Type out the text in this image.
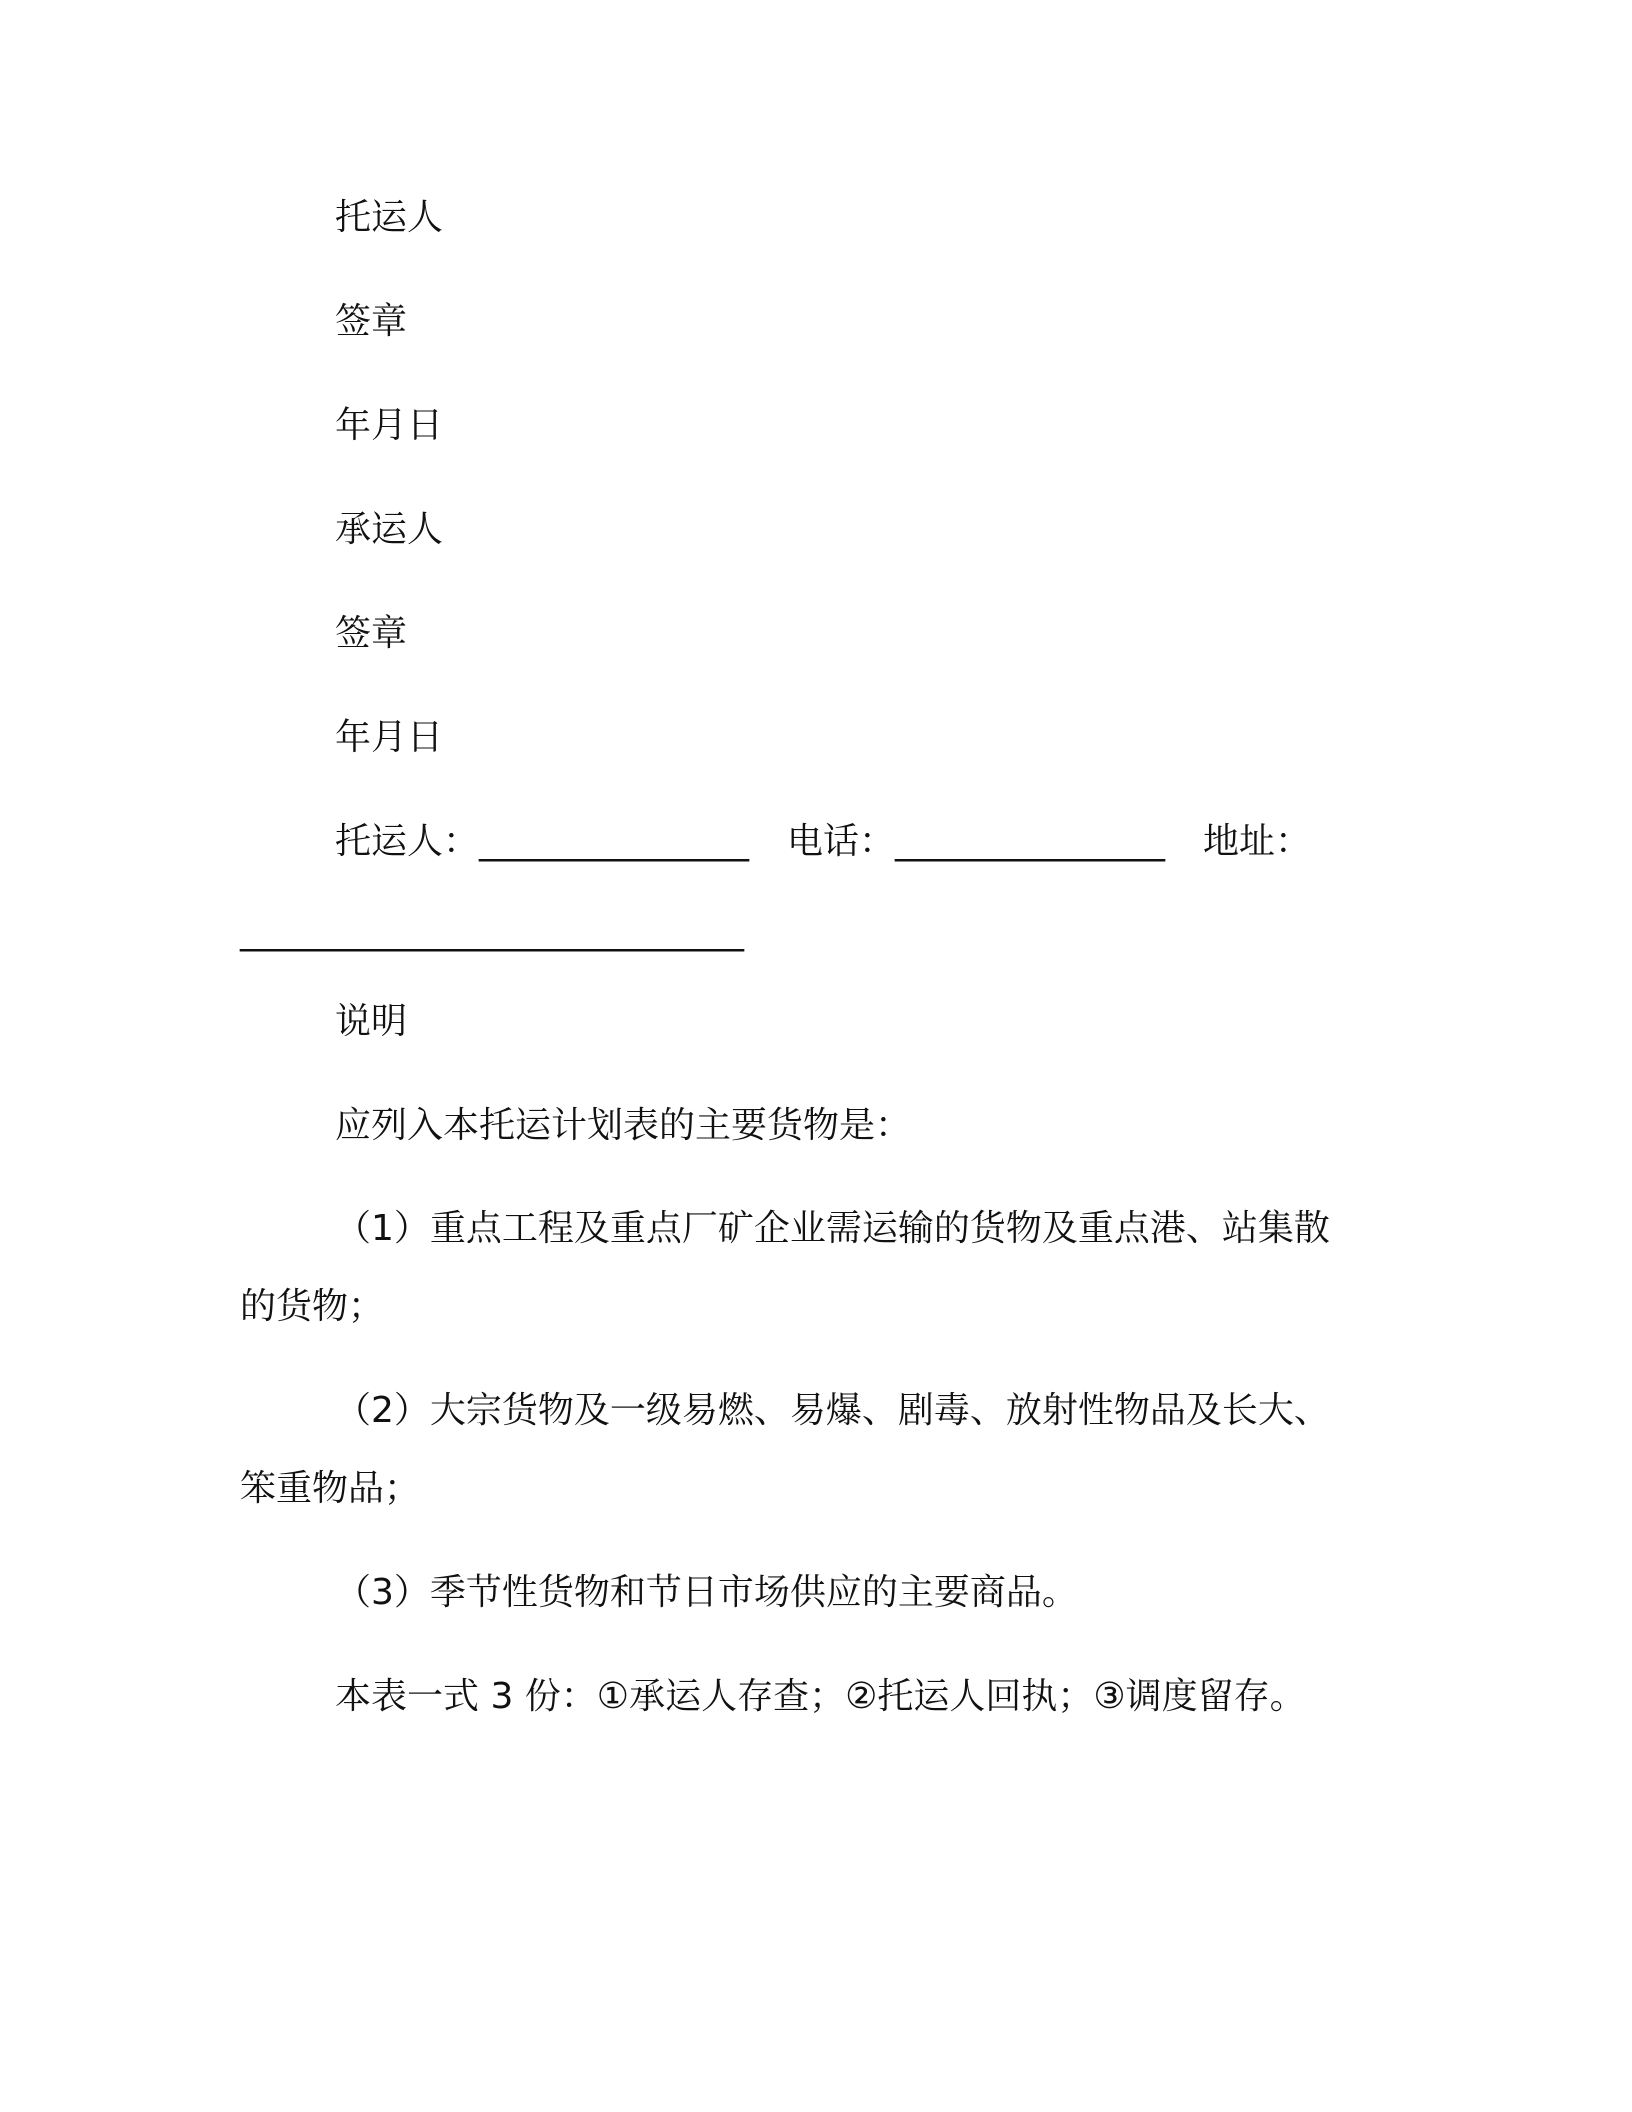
托运人
签章
年月日
承运人
签章
年月日
托运人：_______________ 电话：_______________ 地址：
____________________________
说明
应列入本托运计划表的主要货物是：
（1）重点工程及重点厂矿企业需运输的货物及重点港、站集散
的货物；
（2）大宗货物及一级易燃、易爆、剧毒、放射性物品及长大、
笨重物品；
（3）季节性货物和节日市场供应的主要商品。
本表一式 3 份：①承运人存查；②托运人回执；③调度留存。
